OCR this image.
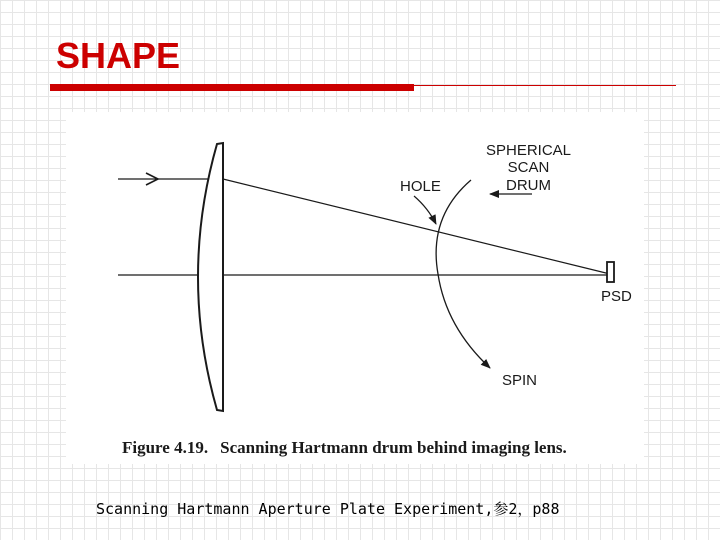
SHAPE
SPHERICAL
SCAN
DRUM
HOLE
PSD
SPIN
Figure 4.19. Scanning Hartmann drum behind imaging lens.
Scanning Hartmann Aperture Plate Experiment,参2，p88
